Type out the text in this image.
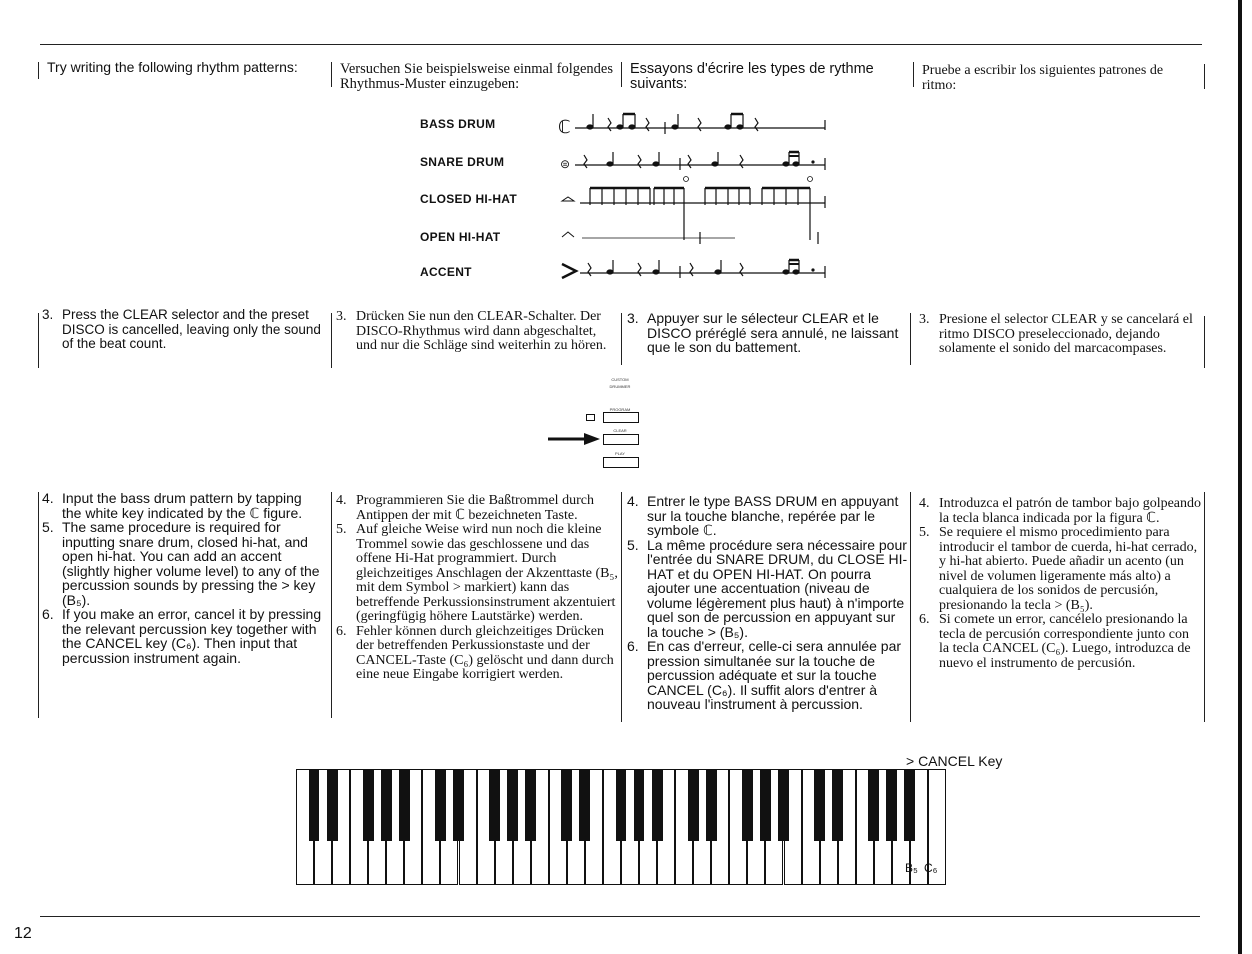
Try writing the following rhythm patterns:	Versuchen Sie beispielsweise einmal folgendes Rhythmus-Muster einzugeben:
Essayons d'écrire les types de rythme suivants:
Pruebe a escribir los siguientes patrones de ritmo:
BASS DRUM
SNARE DRUM
CLOSED HI-HAT
OPEN HI-HAT
ACCENT
ℂ
⊜
3. Press the CLEAR selector and the preset DISCO is cancelled, leaving only the sound of the beat count.
3. Drücken Sie nun den CLEAR-Schalter. Der DISCO-Rhythmus wird dann abgeschaltet, und nur die Schläge sind weiterhin zu hören.
3. Appuyer sur le sélecteur CLEAR et le DISCO préréglé sera annulé, ne laissant que le son du battement.
3. Presione el selector CLEAR y se cancelará el ritmo DISCO preseleccionado, dejando solamente el sonido del marcacompases.
CUSTOM
DRUMMER
PROGRAM
CLEAR
PLAY
4. Input the bass drum pattern by tapping the white key indicated by the ℂ figure.
5. The same procedure is required for inputting snare drum, closed hi-hat, and open hi-hat. You can add an accent (slightly higher volume level) to any of the percussion sounds by pressing the > key (B₅).
6. If you make an error, cancel it by pressing the relevant percussion key together with the CANCEL key (C₆). Then input that percussion instrument again.
4. Programmieren Sie die Baßtrommel durch Antippen der mit ℂ bezeichneten Taste.
5. Auf gleiche Weise wird nun noch die kleine Trommel sowie das geschlossene und das offene Hi-Hat programmiert. Durch gleichzeitiges Anschlagen der Akzenttaste (B₅, mit dem Symbol > markiert) kann das betreffende Perkussionsinstrument akzentuiert (geringfügig höhere Lautstärke) werden.
6. Fehler können durch gleichzeitiges Drücken der betreffenden Perkussionstaste und der CANCEL-Taste (C₆) gelöscht und dann durch eine neue Eingabe korrigiert werden.
4. Entrer le type BASS DRUM en appuyant sur la touche blanche, repérée par le symbole ℂ.
5. La même procédure sera nécessaire pour l'entrée du SNARE DRUM, du CLOSE HI-HAT et du OPEN HI-HAT. On pourra ajouter une accentuation (niveau de volume légèrement plus haut) à n'importe quel son de percussion en appuyant sur la touche > (B₅).
6. En cas d'erreur, celle-ci sera annulée par pression simultanée sur la touche de percussion adéquate et sur la touche CANCEL (C₆). Il suffit alors d'entrer à nouveau l'instrument à percussion.
4. Introduzca el patrón de tambor bajo golpeando la tecla blanca indicada por la figura ℂ.
5. Se requiere el mismo procedimiento para introducir el tambor de cuerda, hi-hat cerrado, y hi-hat abierto. Puede añadir un acento (un nivel de volumen ligeramente más alto) a cualquiera de los sonidos de percusión, presionando la tecla > (B₅).
6. Si comete un error, cancélelo presionando la tecla de percusión correspondiente junto con la tecla CANCEL (C₆). Luego, introduzca de nuevo el instrumento de percusión.
> CANCEL Key
B₅ C₆
12
